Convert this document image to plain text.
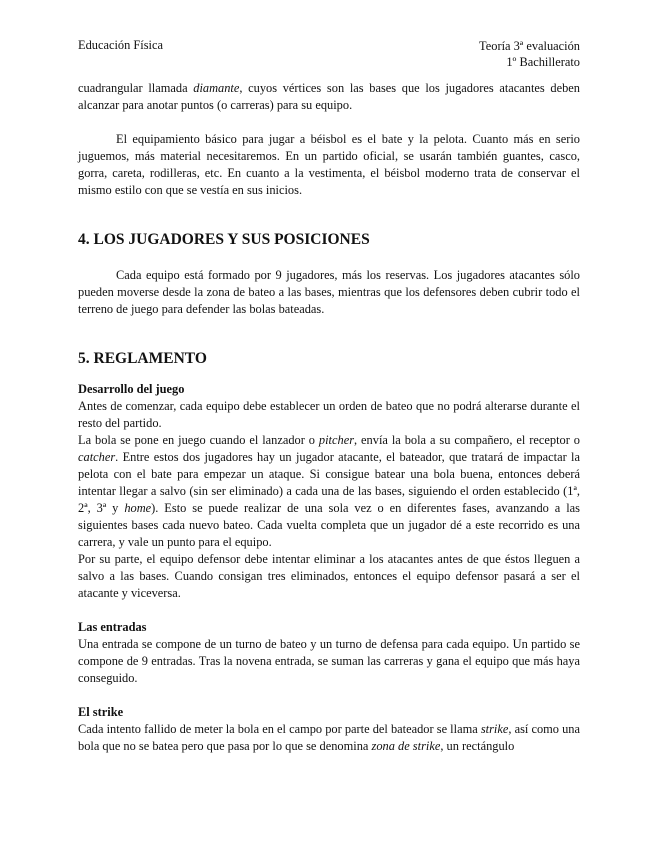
Educación Física	Teoría 3ª evaluación
1º Bachillerato

cuadrangular llamada diamante, cuyos vértices son las bases que los jugadores atacantes deben alcanzar para anotar puntos (o carreras) para su equipo.

El equipamiento básico para jugar a béisbol es el bate y la pelota. Cuanto más en serio juguemos, más material necesitaremos. En un partido oficial, se usarán también guantes, casco, gorra, careta, rodilleras, etc. En cuanto a la vestimenta, el béisbol moderno trata de conservar el mismo estilo con que se vestía en sus inicios.

4. LOS JUGADORES Y SUS POSICIONES

Cada equipo está formado por 9 jugadores, más los reservas. Los jugadores atacantes sólo pueden moverse desde la zona de bateo a las bases, mientras que los defensores deben cubrir todo el terreno de juego para defender las bolas bateadas.

5. REGLAMENTO
Desarrollo del juego

Antes de comenzar, cada equipo debe establecer un orden de bateo que no podrá alterarse durante el resto del partido.

La bola se pone en juego cuando el lanzador o pitcher, envía la bola a su compañero, el receptor o catcher. Entre estos dos jugadores hay un jugador atacante, el bateador, que tratará de impactar la pelota con el bate para empezar un ataque. Si consigue batear una bola buena, entonces deberá intentar llegar a salvo (sin ser eliminado) a cada una de las bases, siguiendo el orden establecido (1ª, 2ª, 3ª y home). Esto se puede realizar de una sola vez o en diferentes fases, avanzando a las siguientes bases cada nuevo bateo. Cada vuelta completa que un jugador dé a este recorrido es una carrera, y vale un punto para el equipo.

Por su parte, el equipo defensor debe intentar eliminar a los atacantes antes de que éstos lleguen a salvo a las bases. Cuando consigan tres eliminados, entonces el equipo defensor pasará a ser el atacante y viceversa.

Las entradas

Una entrada se compone de un turno de bateo y un turno de defensa para cada equipo. Un partido se compone de 9 entradas. Tras la novena entrada, se suman las carreras y gana el equipo que más haya conseguido.

El strike

Cada intento fallido de meter la bola en el campo por parte del bateador se llama strike, así como una bola que no se batea pero que pasa por lo que se denomina zona de strike, un rectángulo
